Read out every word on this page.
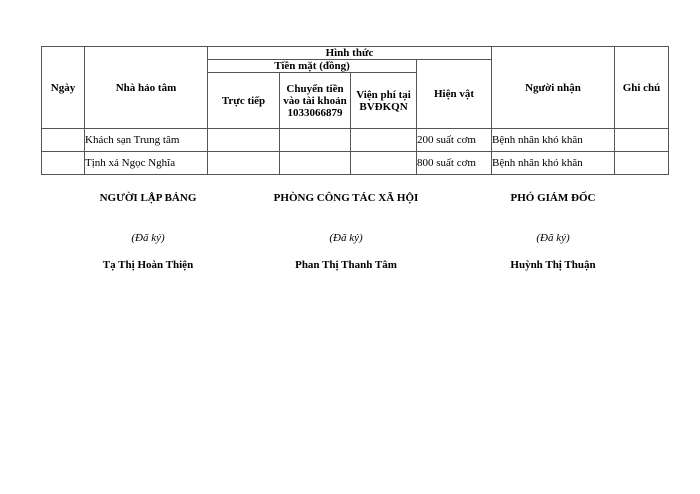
Ngày	Nhà hảo tâm	Hình thức				Người nhận	Ghi chú
		Tiền mặt (đồng)			Hiện vật		
		Trực tiếp	Chuyển tiền vào tài khoản 1033066879	Viện phí tại BVĐKQN			
	Khách sạn Trung tâm				200 suất cơm	Bệnh nhân khó khăn	
	Tịnh xá Ngọc Nghĩa				800 suất cơm	Bệnh nhân khó khăn	
NGƯỜI LẬP BẢNG
(Đã ký)
Tạ Thị Hoàn Thiện
PHÒNG CÔNG TÁC XÃ HỘI
(Đã ký)
Phan Thị Thanh Tâm
PHÓ GIÁM ĐỐC
(Đã ký)
Huỳnh Thị Thuận
